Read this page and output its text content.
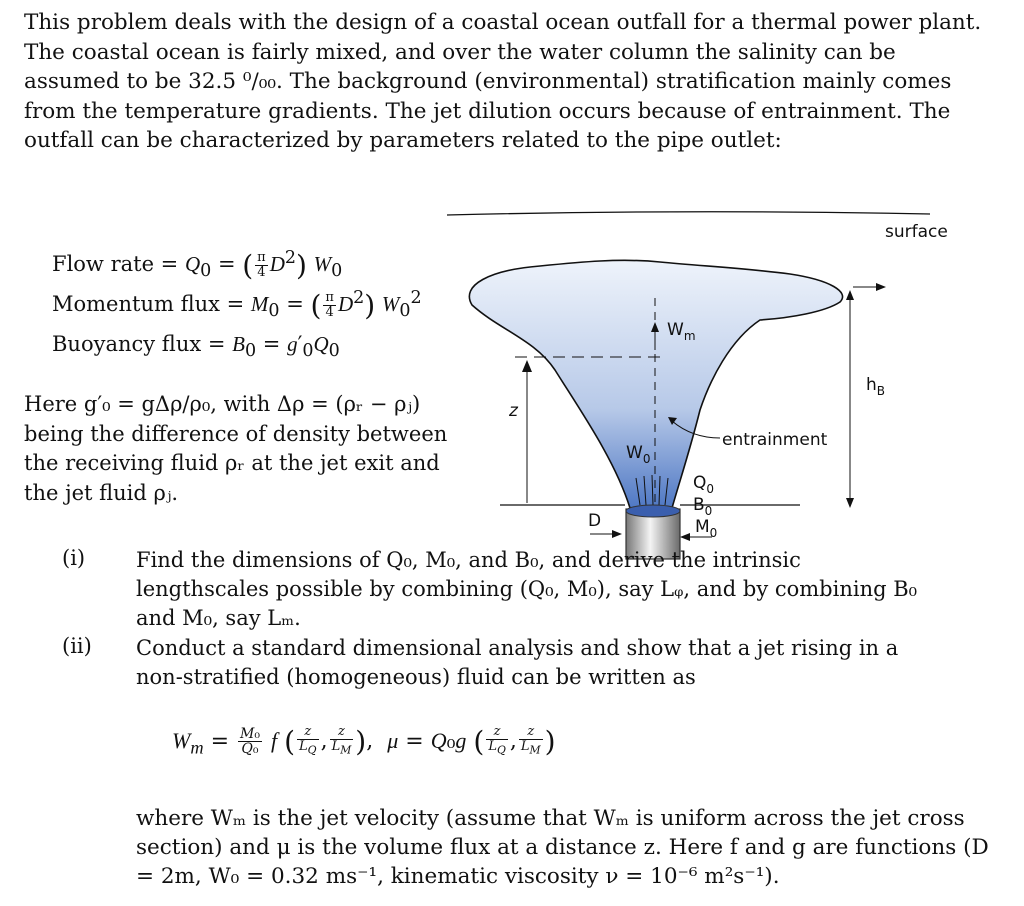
This problem deals with the design of a coastal ocean outfall for a thermal power plant. The coastal ocean is fairly mixed, and over the water column the salinity can be assumed to be 32.5 ⁰/₀₀. The background (environmental) stratification mainly comes from the temperature gradients. The jet dilution occurs because of entrainment. The outfall can be characterized by parameters related to the pipe outlet:
Flow rate = $Q_0$ = ( $\frac{\pi}{4} D^2$) $W_0$
Momentum flux = $M_0$ = ( $\frac{\pi}{4} D^2$) $W_0^2$
Buoyancy flux = $B_0 = g'_0Q_0$
Here g′₀ = gΔρ/ρ₀, with Δρ = (ρᵣ − ρⱼ) being the difference of density between the receiving fluid ρᵣ at the jet exit and the jet fluid ρⱼ.
surface
z
$W_m$
$h_B$
entrainment
$W_0$
D
$Q_0$
$B_0$
$M_0$
(i) Find the dimensions of Q₀, M₀, and B₀, and derive the intrinsic lengthscales possible by combining (Q₀, M₀), say Lᵩ, and by combining B₀ and M₀, say Lₘ.
(ii) Conduct a standard dimensional analysis and show that a jet rising in a non-stratified (homogeneous) fluid can be written as
$W_m = \frac{\text{M₀}}{\text{Q₀}}$ f ( $\frac{z}{L_Q}$ , $\frac{z}{L_M}$ ),  μ = Q₀g ( $\frac{z}{L_Q}$ , $\frac{z}{L_M}$ )
where Wₘ is the jet velocity (assume that Wₘ is uniform across the jet cross section) and μ is the volume flux at a distance z. Here f and g are functions (D = 2m, W₀ = 0.32 ms⁻¹, kinematic viscosity ν = 10⁻⁶ m²s⁻¹).
